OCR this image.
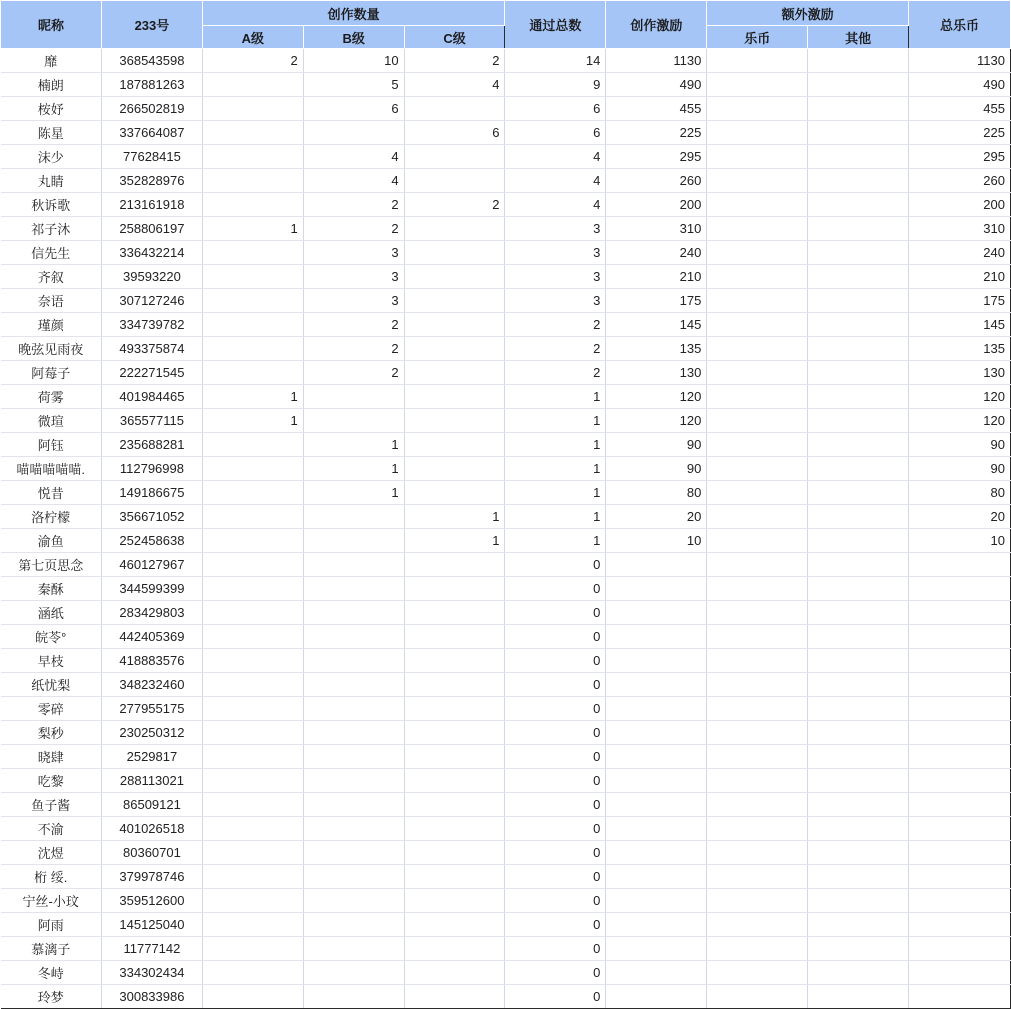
昵称	233号	创作数量			通过总数	创作激励	额外激励		总乐币
		A级	B级	C级			乐币	其他	
靡	368543598	2	10	2	14	1130			1130
楠朗	187881263		5	4	9	490			490
桉妤	266502819		6		6	455			455
陈星	337664087			6	6	225			225
沫少	77628415		4		4	295			295
丸睛	352828976		4		4	260			260
秋诉歌	213161918		2	2	4	200			200
祁子沐	258806197	1	2		3	310			310
信先生	336432214		3		3	240			240
齐叙	39593220		3		3	210			210
奈语	307127246		3		3	175			175
瑾颜	334739782		2		2	145			145
晚弦见雨夜	493375874		2		2	135			135
阿莓子	222271545		2		2	130			130
荷雾	401984465	1			1	120			120
微瑄	365577115	1			1	120			120
阿钰	235688281		1		1	90			90
喵喵喵喵喵.	112796998		1		1	90			90
悦昔	149186675		1		1	80			80
洛柠檬	356671052			1	1	20			20
渝鱼	252458638			1	1	10			10
第七页思念	460127967				0				
秦酥	344599399				0				
涵纸	283429803				0				
皖苓°	442405369				0				
早枝	418883576				0				
纸忧梨	348232460				0				
零碎	277955175				0				
梨秒	230250312				0				
晓肆	2529817				0				
吃黎	288113021				0				
鱼子酱	86509121				0				
不渝	401026518				0				
沈煜	80360701				0				
桁 绥.	379978746				0				
宁丝-小玟	359512600				0				
阿雨	145125040				0				
慕漓子	11777142				0				
冬峙	334302434				0				
玲梦	300833986				0				
